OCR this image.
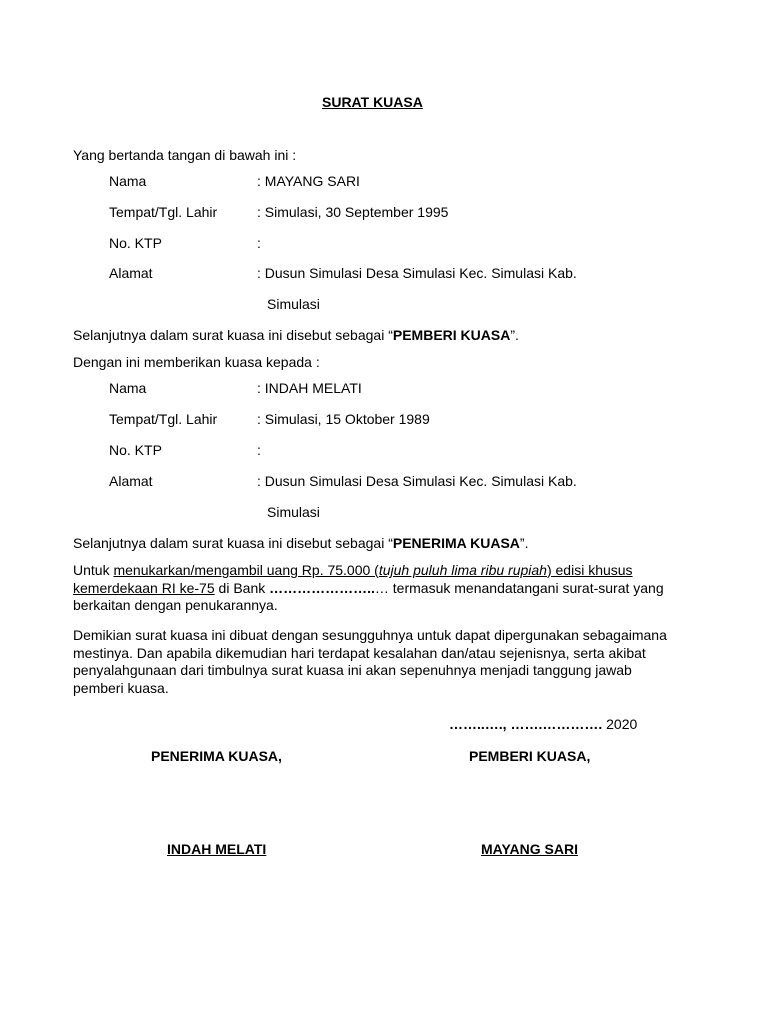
SURAT KUASA
Yang bertanda tangan di bawah ini :
Nama	: MAYANG SARI
Tempat/Tgl. Lahir	: Simulasi, 30 September 1995
No. KTP	:
Alamat	: Dusun Simulasi Desa Simulasi Kec. Simulasi Kab.
Simulasi
Selanjutnya dalam surat kuasa ini disebut sebagai “PEMBERI KUASA”.
Dengan ini memberikan kuasa kepada :
Nama	: INDAH MELATI
Tempat/Tgl. Lahir	: Simulasi, 15 Oktober 1989
No. KTP	:
Alamat	: Dusun Simulasi Desa Simulasi Kec. Simulasi Kab.
Simulasi
Selanjutnya dalam surat kuasa ini disebut sebagai “PENERIMA KUASA”.
Untuk menukarkan/mengambil uang Rp. 75.000 (tujuh puluh lima ribu rupiah) edisi khusus kemerdekaan RI ke-75 di Bank …………………..… termasuk menandatangani surat-surat yang berkaitan dengan penukarannya.
Demikian surat kuasa ini dibuat dengan sesungguhnya untuk dapat dipergunakan sebagaimana mestinya. Dan apabila dikemudian hari terdapat kesalahan dan/atau sejenisnya, serta akibat penyalahgunaan dari timbulnya surat kuasa ini akan sepenuhnya menjadi tanggung jawab pemberi kuasa.
……..…., …….…………. 2020
PENERIMA KUASA,	PEMBERI KUASA,
INDAH MELATI	MAYANG SARI
